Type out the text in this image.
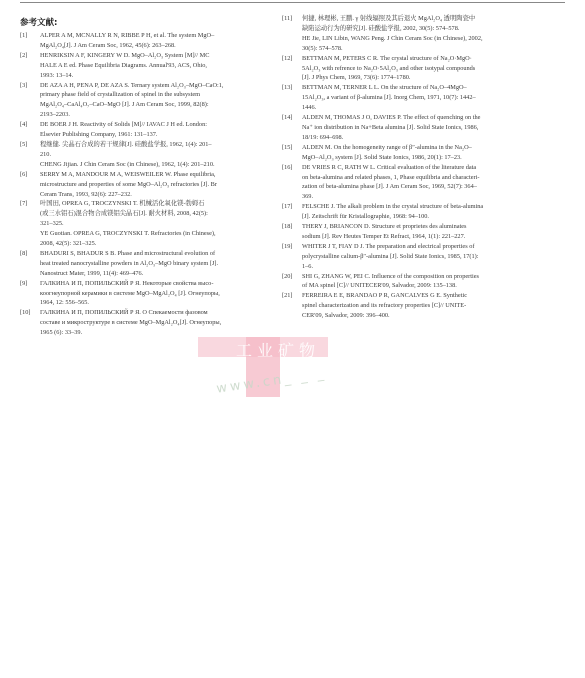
参考文献:
[1] ALPER A M, MCNALLY R N, RIBBE P H, et al. The system MgO–
MgAl₂O₄[J]. J Am Ceram Soc, 1962, 45(6): 263–268.
[2] HENRIKSIN A F, KINGERY W D. MgO–Al₂O₃ System [M]// MC
HALE A E ed. Phase Equilibria Diagrams. Annual'93, ACS, Ohio,
1993: 13–14.
[3] DE AZA A H, PENA P, DE AZA S. Ternary system Al₂O₃–MgO–CaO:1,
primary phase field of crystallization of spinel in the subsystem
MgAl₂O₄–CaAl₄O₇–CaO–MgO [J]. J Am Ceram Soc, 1999, 82(8):
2193–2203.
[4] DE BOER J H. Reactivity of Solids [M]// IAVAC J H ed. London:
Elsevier Publishing Company, 1961: 131–137.
[5] 程继健. 尖晶石合成的若干规律[J]. 硅酸盐学报, 1962, 1(4): 201–
210.
CHENG Jijian. J Chin Ceram Soc (in Chinese), 1962, 1(4): 201–210.
[6] SERRY M A, MANDOUR M A, WEISWEILER W. Phase equilibria,
microstructure and properties of some MgO–Al₂O₃ refractories [J]. Br
Ceram Trans, 1993, 92(6): 227–232.
[7] 叶国田, OPREA G, TROCZYNSKI T. 机械活化氧化镁-勃姆石
(或三水铝石)混合物合成镁铝尖晶石[J]. 耐火材料, 2008, 42(5):
321–325.
YE Guotian. OPREA G, TROCZYNSKI T. Refractories (in Chinese),
2008, 42(5): 321–325.
[8] BHADURI S, BHADUR S B. Phase and microstructural evolution of
heat treated nanocrystalline powders in Al₂O₃–MgO binary system [J].
Nanostruct Mater, 1999, 11(4): 469–476.
[9] ГАЛКИНА И П, ПОПИЛЬСКИЙ Р Я. Некоторые свойства высо-
коогнеупорной керамики в системе MgO–MgAl₂O₄ [J]. Огнеупоры,
1964, 12: 556–565.
[10] ГАЛКИНА И П, ПОПИЛЬСКИЙ Р Я. О Спекаемости фазовом
составе и микроструктуре в системе MgO–MgAl₂O₄[J]. Огнеупоры,
1965 (6): 33–39.
[11] 何捷, 林理彬, 王鹏. γ 射线辐照及其后退火 MgAl₂O₄ 透明陶瓷中
缺陷运动行为的研究[J]. 硅酸盐学报, 2002, 30(5): 574–578.
HE Jie, LIN Libin, WANG Peng. J Chin Ceram Soc (in Chinese), 2002,
30(5): 574–578.
[12] BETTMAN M, PETERS C R. The crystal structure of Na₂O·MgO·
5Al₂O₃ with refrence to Na₂O·5Al₂O₃ and other isotypal compounds
[J]. J Phys Chem, 1969, 73(6): 1774–1780.
[13] BETTMAN M, TERNER L L. On the structure of Na₂O–4MgO–
15Al₂O₃, a variant of β-alumina [J]. Inorg Chem, 1971, 10(7): 1442–
1446.
[14] ALDEN M, THOMAS J O, DAVIES P. The effect of quenching on the
Na⁺ ion distribution in Na+Beta alumina [J]. Solid State Ionics, 1986,
18/19: 694–698.
[15] ALDEN M. On the homogeneity range of β″-alumina in the Na₂O–
MgO–Al₂O₃ system [J]. Solid State Ionics, 1986, 20(1): 17–23.
[16] DE VRIES R C, RATH W L. Critical evaluation of the literature data
on beta-alumina and related phases, 1, Phase equilibria and characteri-
zation of beta-alumina phase [J]. J Am Ceram Soc, 1969, 52(7): 364–
369.
[17] FELSCHE J. The alkali problem in the crystal structure of beta-alumina
[J]. Zeitschrift für Kristallographie, 1968: 94–100.
[18] THERY J, BRIANCON D. Structure et proprietes des aluminates
sodium [J]. Rev Heutes Temper Et Refract, 1964, 1(1): 221–227.
[19] WHITER J T, FIAY D J. The preparation and electrical properties of
polycrystalline calium-β″-alumina [J]. Solid State Ionics, 1985, 17(1):
1–6.
[20] SHI G, ZHANG W, PEI C. Influence of the composition on properties
of MA spinel [C]// UNITECER'09, Salvador, 2009: 135–138.
[21] FERREIRA E E, BRANDAO P R, GANCALVES G E. Synthetic
spinel characterization and its refractory properties [C]// UNITE-
CER'09, Salvador, 2009: 396–400.
工业矿物
www.cn_ _ _
